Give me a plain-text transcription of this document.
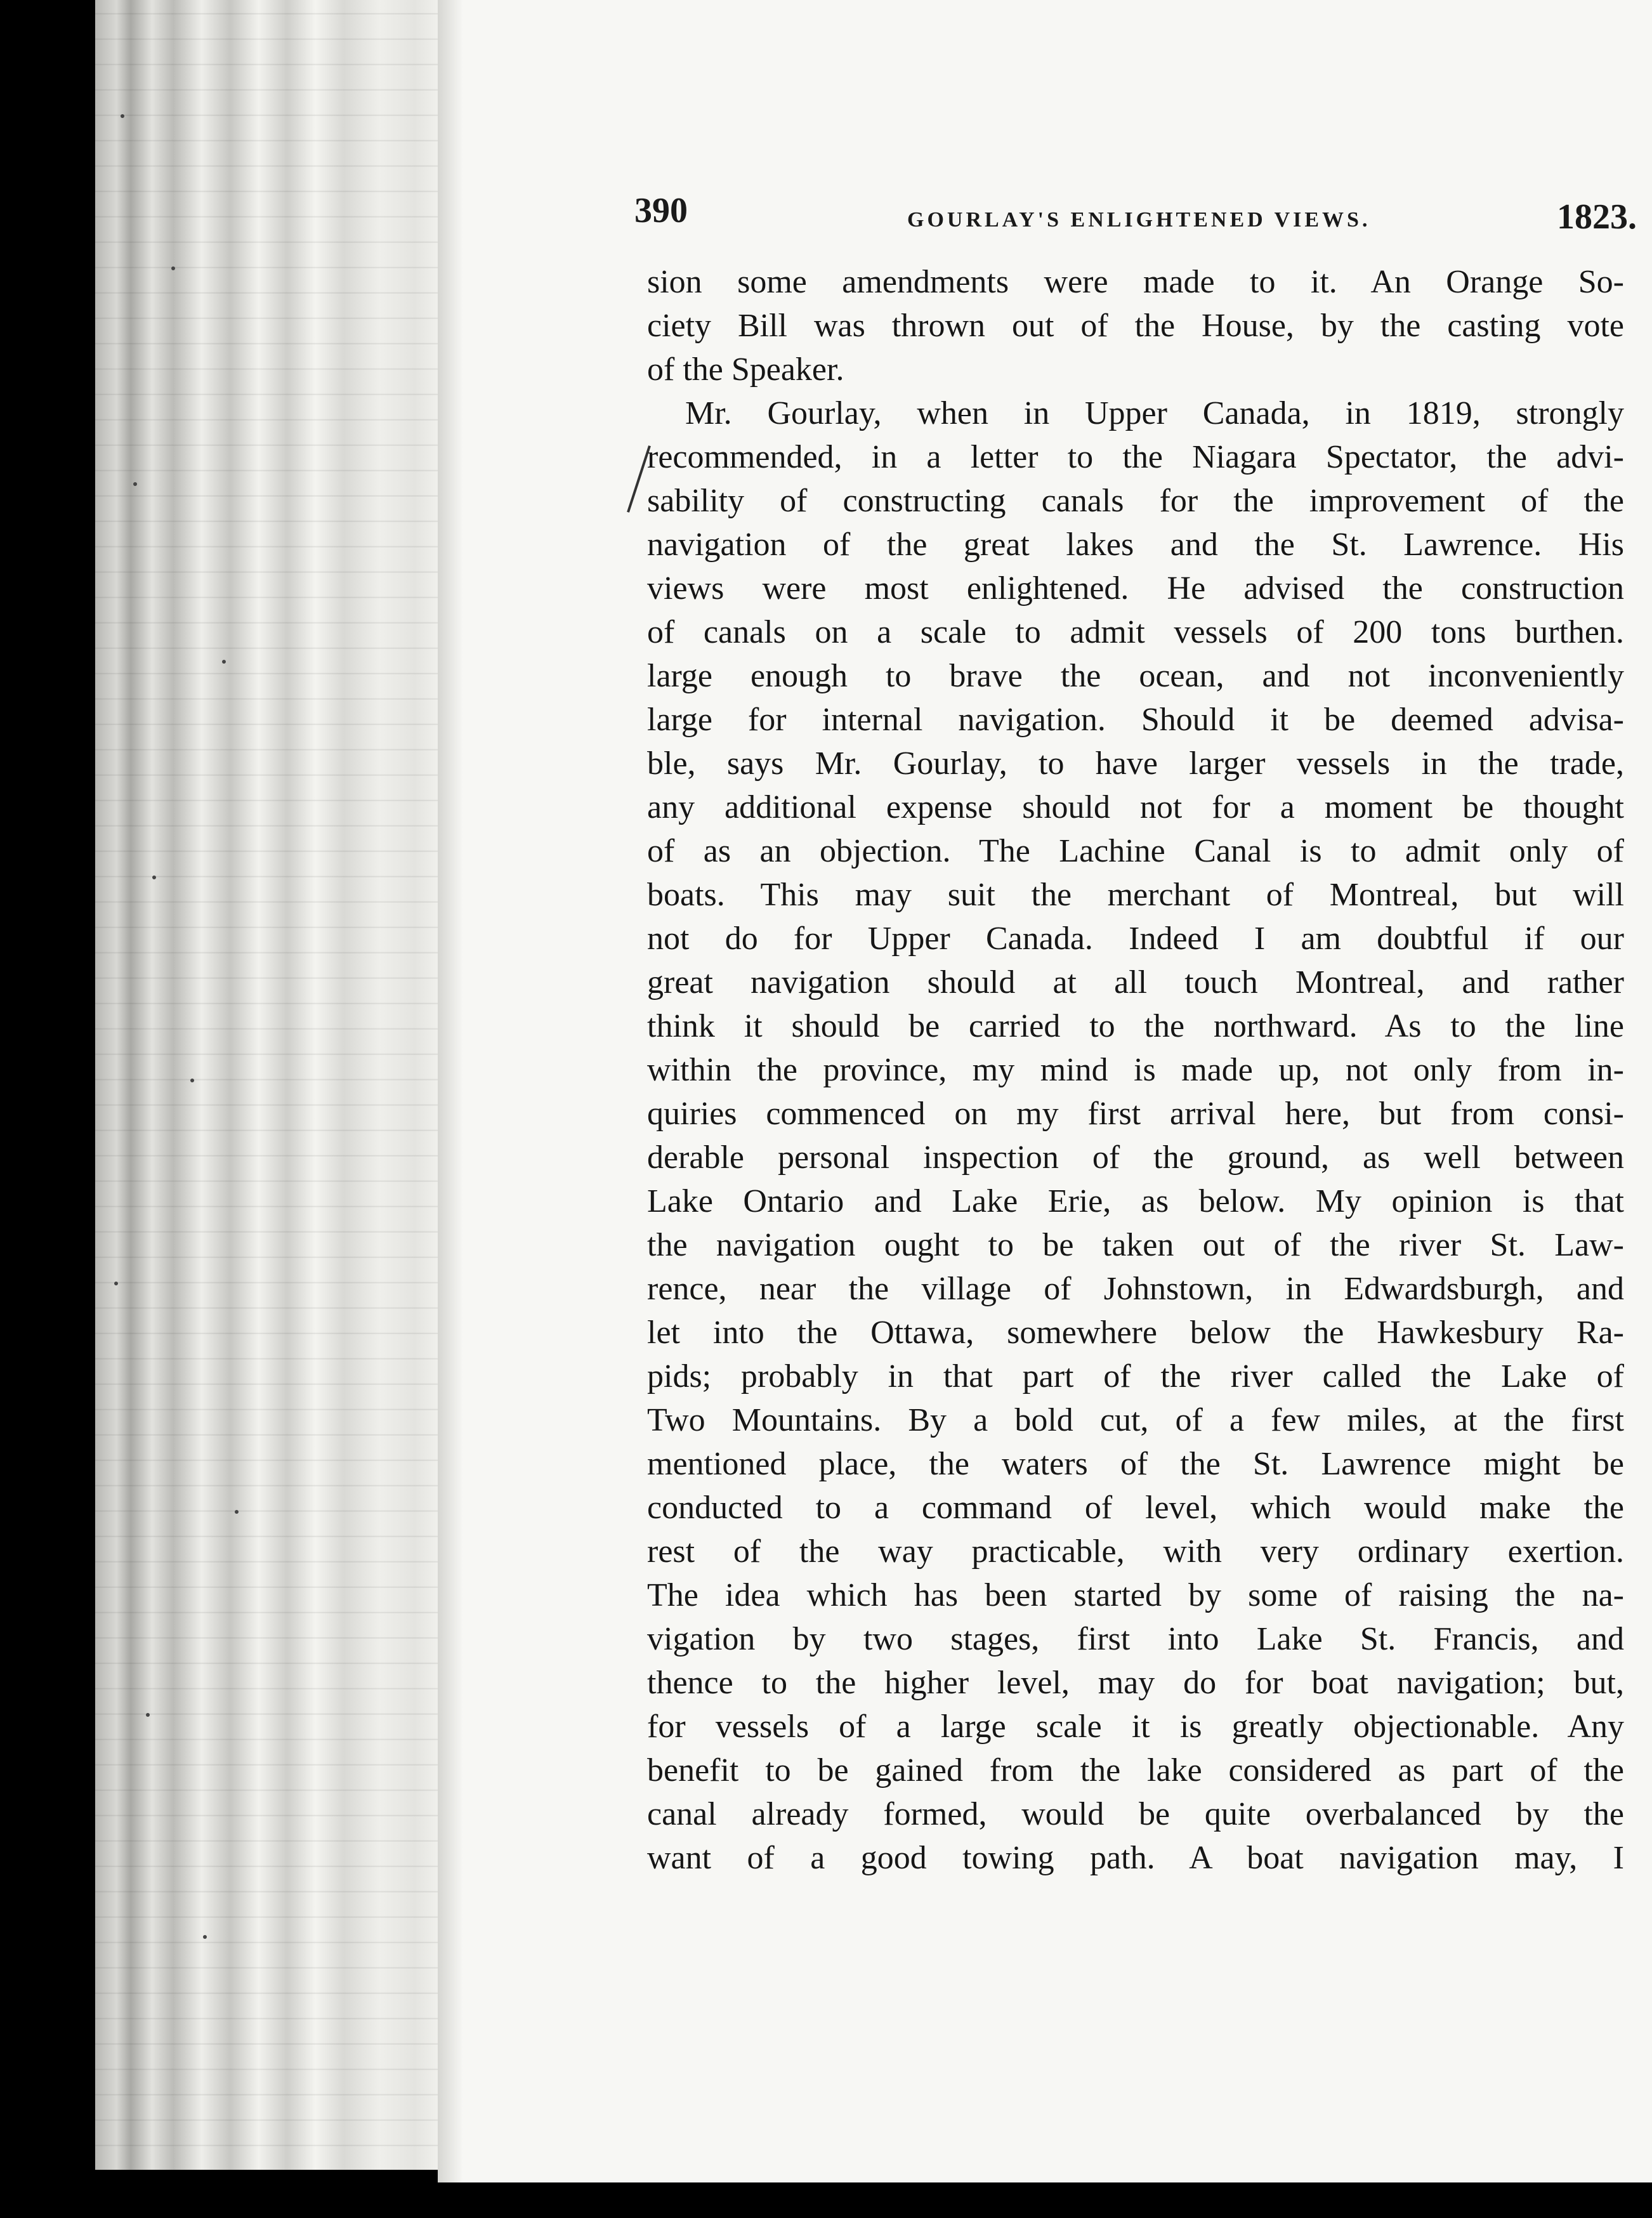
390	GOURLAY'S ENLIGHTENED VIEWS.	1823.
sion some amendments were made to it. An Orange So-
ciety Bill was thrown out of the House, by the casting vote
of the Speaker.
Mr. Gourlay, when in Upper Canada, in 1819, strongly
recommended, in a letter to the Niagara Spectator, the advi-
sability of constructing canals for the improvement of the
navigation of the great lakes and the St. Lawrence. His
views were most enlightened. He advised the construction
of canals on a scale to admit vessels of 200 tons burthen.
large enough to brave the ocean, and not inconveniently
large for internal navigation. Should it be deemed advisa-
ble, says Mr. Gourlay, to have larger vessels in the trade,
any additional expense should not for a moment be thought
of as an objection. The Lachine Canal is to admit only of
boats. This may suit the merchant of Montreal, but will
not do for Upper Canada. Indeed I am doubtful if our
great navigation should at all touch Montreal, and rather
think it should be carried to the northward. As to the line
within the province, my mind is made up, not only from in-
quiries commenced on my first arrival here, but from consi-
derable personal inspection of the ground, as well between
Lake Ontario and Lake Erie, as below. My opinion is that
the navigation ought to be taken out of the river St. Law-
rence, near the village of Johnstown, in Edwardsburgh, and
let into the Ottawa, somewhere below the Hawkesbury Ra-
pids; probably in that part of the river called the Lake of
Two Mountains. By a bold cut, of a few miles, at the first
mentioned place, the waters of the St. Lawrence might be
conducted to a command of level, which would make the
rest of the way practicable, with very ordinary exertion.
The idea which has been started by some of raising the na-
vigation by two stages, first into Lake St. Francis, and
thence to the higher level, may do for boat navigation; but,
for vessels of a large scale it is greatly objectionable. Any
benefit to be gained from the lake considered as part of the
canal already formed, would be quite overbalanced by the
want of a good towing path. A boat navigation may, I
